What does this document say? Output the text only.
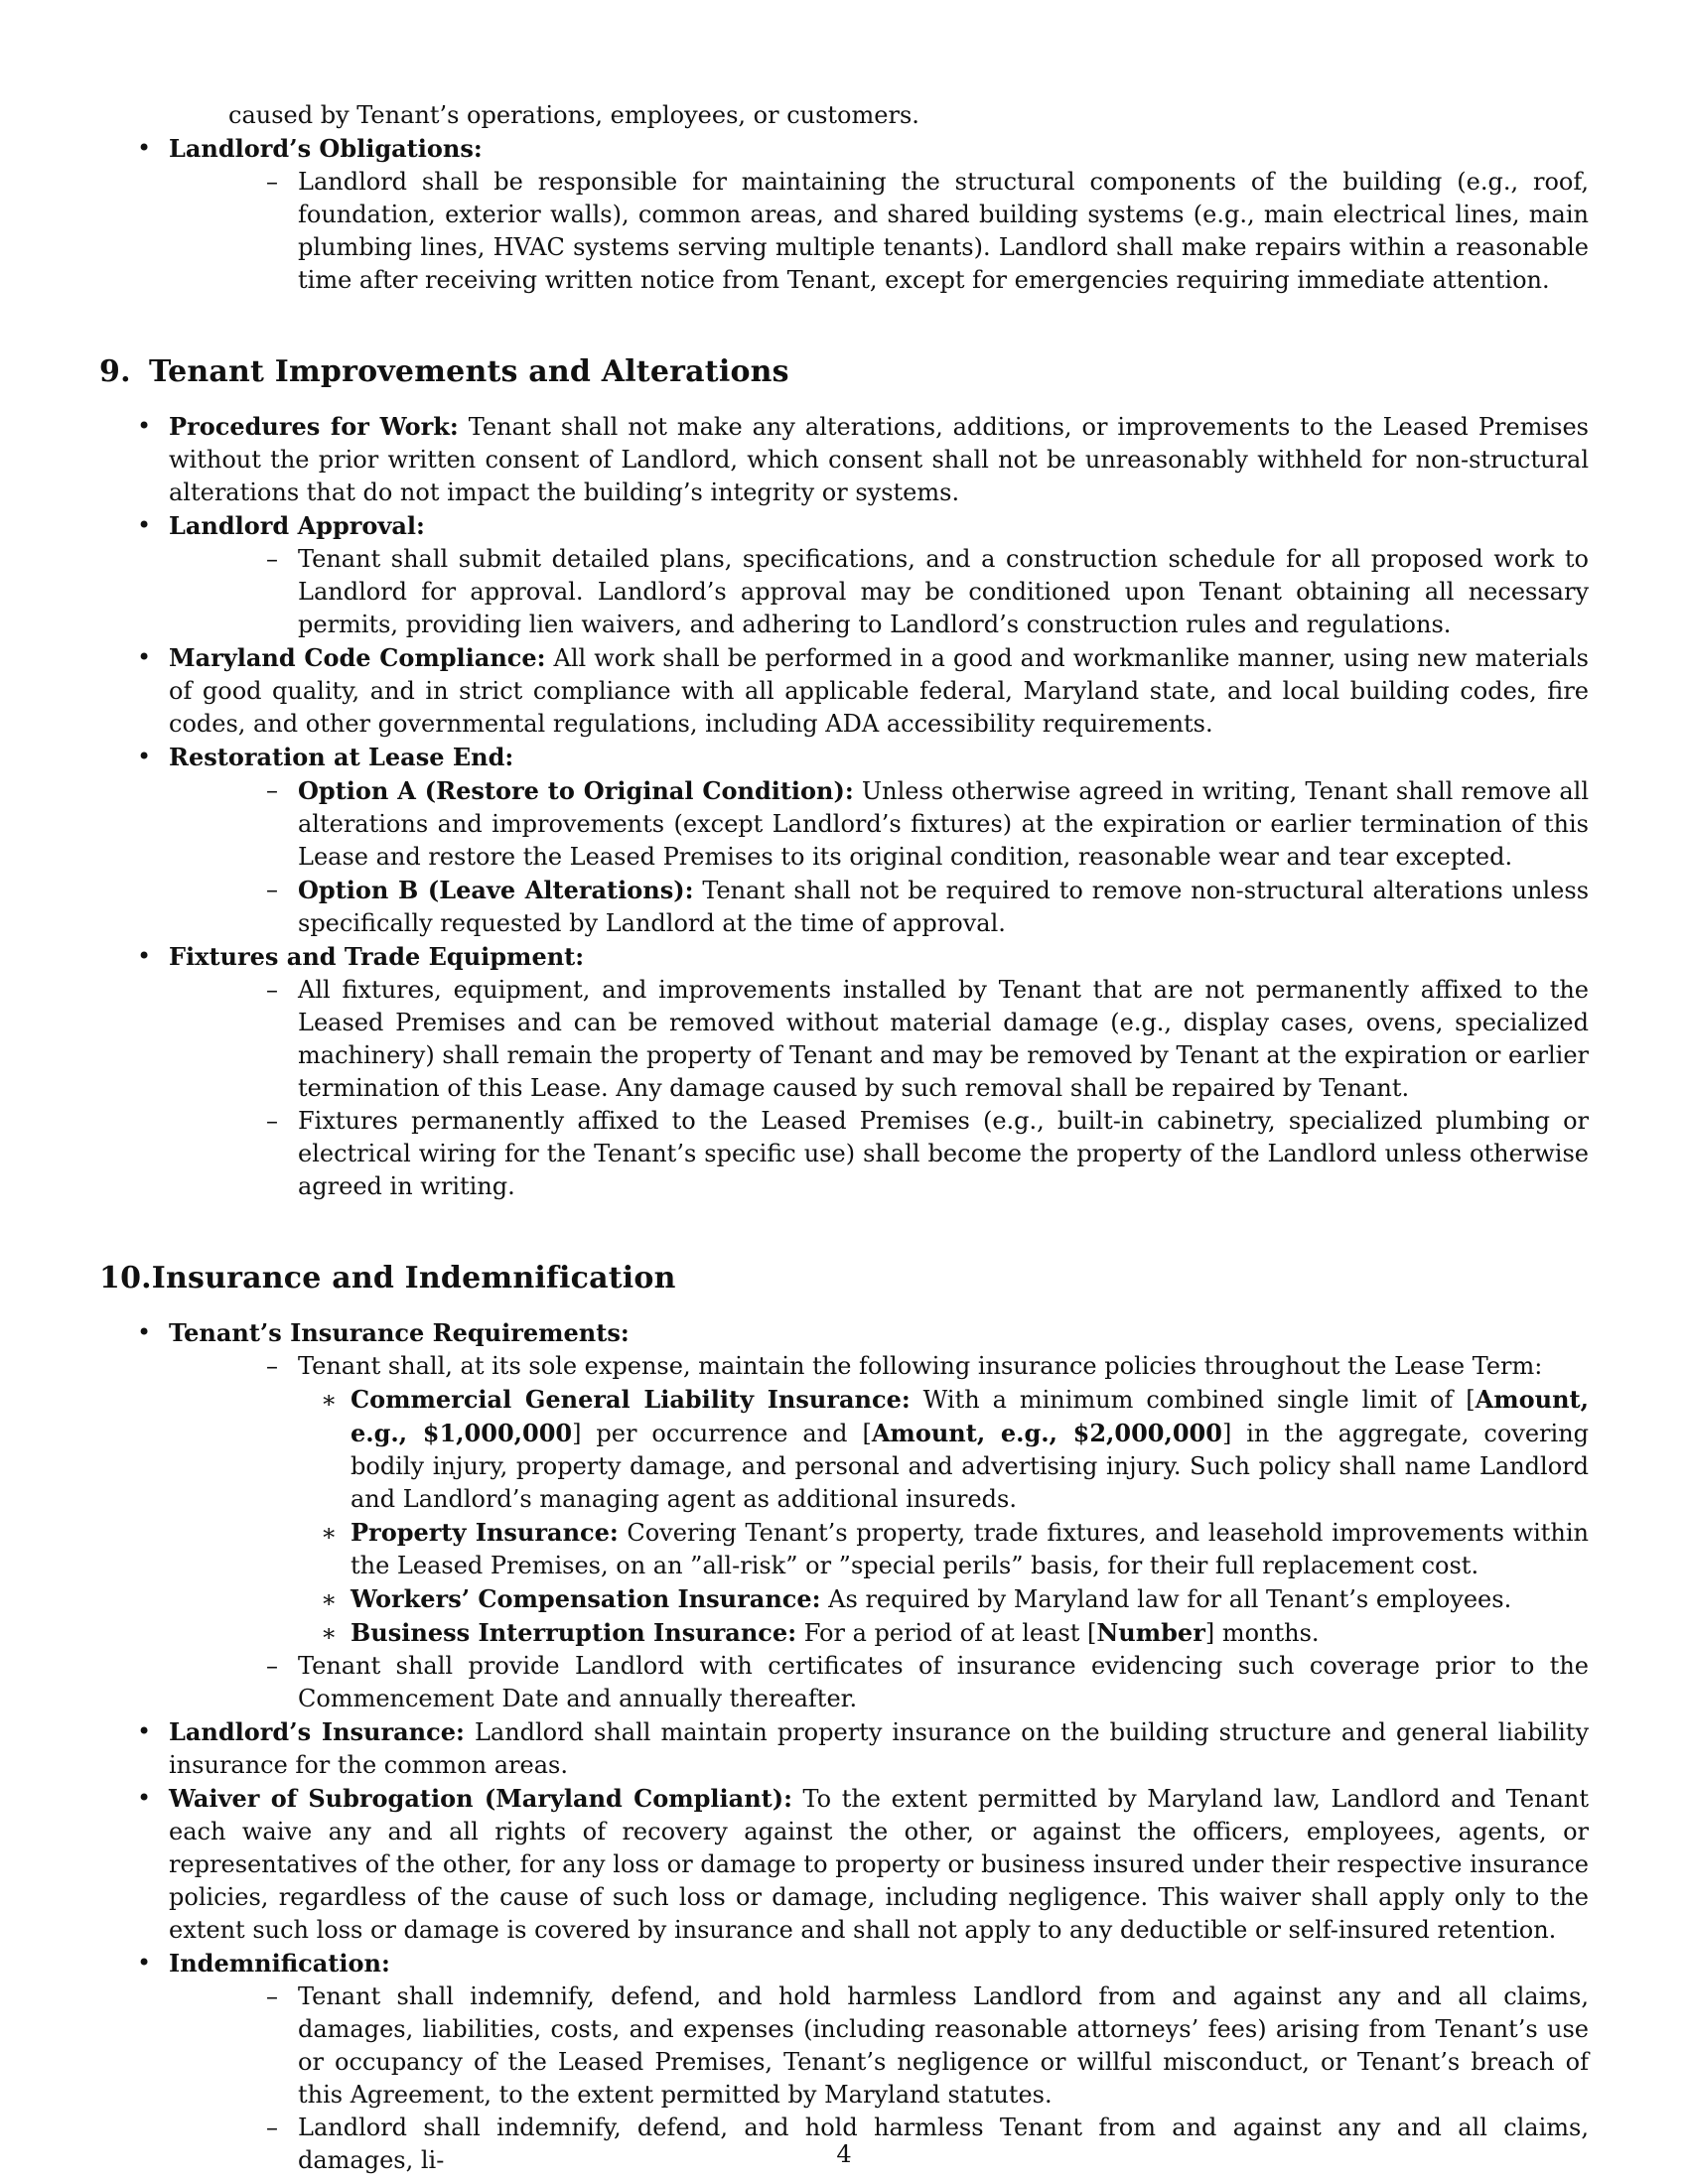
caused by Tenant’s operations, employees, or customers.

• Landlord’s Obligations:
– Landlord shall be responsible for maintaining the structural components of the building (e.g., roof, foundation, exterior walls), common areas, and shared building systems (e.g., main electrical lines, main plumbing lines, HVAC systems serving multiple tenants). Landlord shall make repairs within a reasonable time after receiving written notice from Tenant, except for emergencies requiring immediate attention.
9. Tenant Improvements and Alterations
• Procedures for Work: Tenant shall not make any alterations, additions, or improvements to the Leased Premises without the prior written consent of Landlord, which consent shall not be unreasonably withheld for non-structural alterations that do not impact the building’s integrity or systems.
• Landlord Approval:
– Tenant shall submit detailed plans, specifications, and a construction schedule for all proposed work to Landlord for approval. Landlord’s approval may be conditioned upon Tenant obtaining all necessary permits, providing lien waivers, and adhering to Landlord’s construction rules and regulations.
• Maryland Code Compliance: All work shall be performed in a good and workmanlike manner, using new materials of good quality, and in strict compliance with all applicable federal, Maryland state, and local building codes, fire codes, and other governmental regulations, including ADA accessibility requirements.
• Restoration at Lease End:
– Option A (Restore to Original Condition): Unless otherwise agreed in writing, Tenant shall remove all alterations and improvements (except Landlord’s fixtures) at the expiration or earlier termination of this Lease and restore the Leased Premises to its original condition, reasonable wear and tear excepted.
– Option B (Leave Alterations): Tenant shall not be required to remove non-structural alterations unless specifically requested by Landlord at the time of approval.
• Fixtures and Trade Equipment:
– All fixtures, equipment, and improvements installed by Tenant that are not permanently affixed to the Leased Premises and can be removed without material damage (e.g., display cases, ovens, specialized machinery) shall remain the property of Tenant and may be removed by Tenant at the expiration or earlier termination of this Lease. Any damage caused by such removal shall be repaired by Tenant.
– Fixtures permanently affixed to the Leased Premises (e.g., built-in cabinetry, specialized plumbing or electrical wiring for the Tenant’s specific use) shall become the property of the Landlord unless otherwise agreed in writing.
10.Insurance and Indemnification
• Tenant’s Insurance Requirements:
– Tenant shall, at its sole expense, maintain the following insurance policies throughout the Lease Term:
∗ Commercial General Liability Insurance: With a minimum combined single limit of [Amount, e.g., $1,000,000] per occurrence and [Amount, e.g., $2,000,000] in the aggregate, covering bodily injury, property damage, and personal and advertising injury. Such policy shall name Landlord and Landlord’s managing agent as additional insureds.
∗ Property Insurance: Covering Tenant’s property, trade fixtures, and leasehold improvements within the Leased Premises, on an ”all-risk” or ”special perils” basis, for their full replacement cost.
∗ Workers’ Compensation Insurance: As required by Maryland law for all Tenant’s employees.
∗ Business Interruption Insurance: For a period of at least [Number] months.
– Tenant shall provide Landlord with certificates of insurance evidencing such coverage prior to the Commencement Date and annually thereafter.
• Landlord’s Insurance: Landlord shall maintain property insurance on the building structure and general liability insurance for the common areas.
• Waiver of Subrogation (Maryland Compliant): To the extent permitted by Maryland law, Landlord and Tenant each waive any and all rights of recovery against the other, or against the officers, employees, agents, or representatives of the other, for any loss or damage to property or business insured under their respective insurance policies, regardless of the cause of such loss or damage, including negligence. This waiver shall apply only to the extent such loss or damage is covered by insurance and shall not apply to any deductible or self-insured retention.
• Indemnification:
– Tenant shall indemnify, defend, and hold harmless Landlord from and against any and all claims, damages, liabilities, costs, and expenses (including reasonable attorneys’ fees) arising from Tenant’s use or occupancy of the Leased Premises, Tenant’s negligence or willful misconduct, or Tenant’s breach of this Agreement, to the extent permitted by Maryland statutes.
– Landlord shall indemnify, defend, and hold harmless Tenant from and against any and all claims, damages, li-	4
